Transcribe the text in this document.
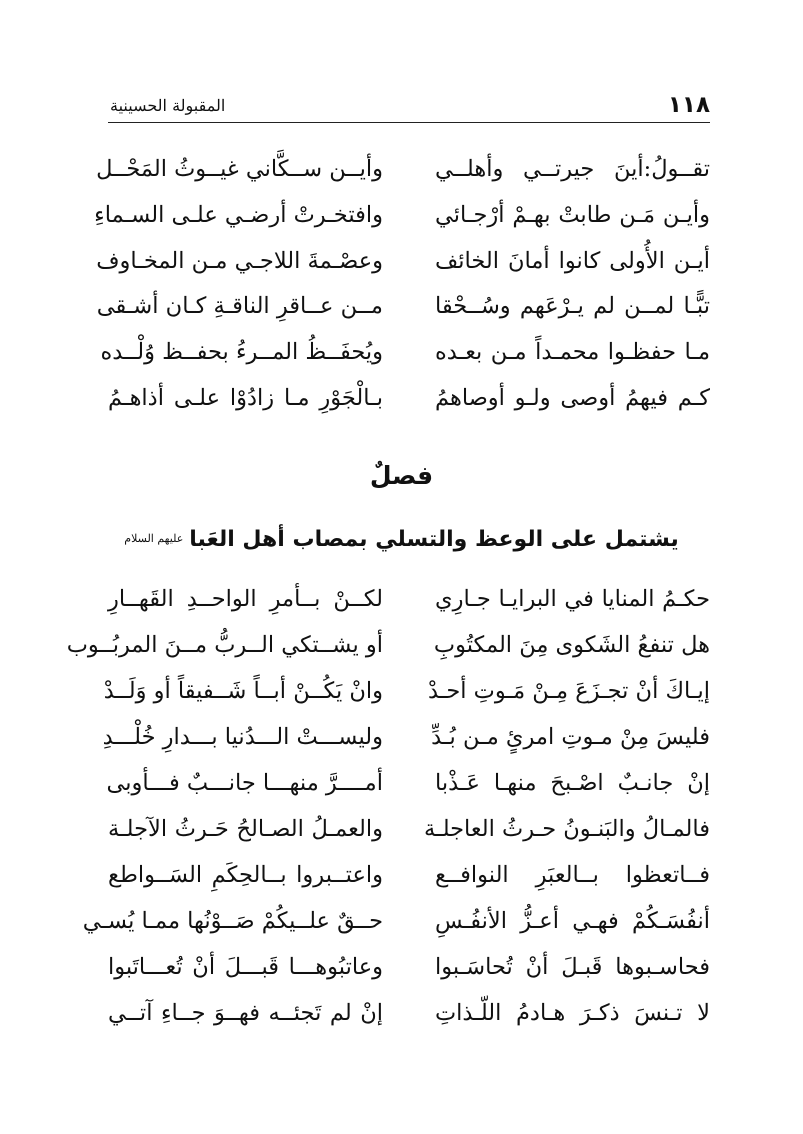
١١٨
المقبولة الحسينية
تقــولُ:أينَ جيرتــي وأهلــي
وأيــن ســكَّاني غيــوثُ المَحْــل
وأيـن مَـن طابتْ بهـمْ أرْجـائي
وافتخـرتْ أرضـي علـى السـماءِ
أيـن الأُولى كانوا أمانَ الخائف
وعصْـمةَ اللاجـي مـن المخـاوف
تبًّـا لمــن لم يـرْعَهم وسُــحْقا
مــن عــاقرِ الناقـةِ كـان أشـقى
مـا حفظـوا محمـداً مـن بعـده
ويُحفَــظُ المــرءُ بحفــظ وُلْــده
كـم فيهمُ أوصى ولـو أوصاهمُ
بـالْجَوْرِ مـا زادُوْا علـى أذاهـمُ
فصلٌ
يشتمل على الوعظ والتسلي بمصاب أهل العَباعليهم السلام
حكـمُ المنايا في البرايـا جـارِي
لكــنْ بــأمرِ الواحــدِ القَهــارِ
هل تنفعُ الشَكوى مِنَ المكتُوبِ
أو يشــتكي الــربُّ مــنَ المربُــوب
إيـاكَ أنْ تجـزَعَ مِـنْ مَـوتِ أحـدْ
وانْ يَكُــنْ أبــاً شَــفيقاً أو وَلَــدْ
فليسَ مِنْ مـوتِ امرئٍ مـن بُـدِّ
وليســـتْ الـــدُنيا بـــدارِ خُلْـــدِ
إنْ جانـبٌ اصْـبحَ منهـا عَـذْبا
أمــــرَّ منهـــا جانـــبٌ فـــأوبى
فالمـالُ والبَنـونُ حـرثُ العاجلـة
والعمـلُ الصـالحُ حَـرثُ الآجلـة
فــاتعظوا بــالعبَرِ النوافــع
واعتــبروا بــالحِكَمِ السَــواطع
أنفُسَـكُمْ فهـي أعـزُّ الأنفُـسِ
حــقٌ علــيكُمْ صَــوْنُها ممـا يُسـي
فحاسـبوها قَبـلَ أنْ تُحاسَـبوا
وعاتبُوهـــا قَبـــلَ أنْ تُعـــاتَبوا
لا تـنسَ ذكـرَ هـادمُ اللّـذاتِ
إنْ لم تَجئــه فهــوَ جــاءِ آتــي
